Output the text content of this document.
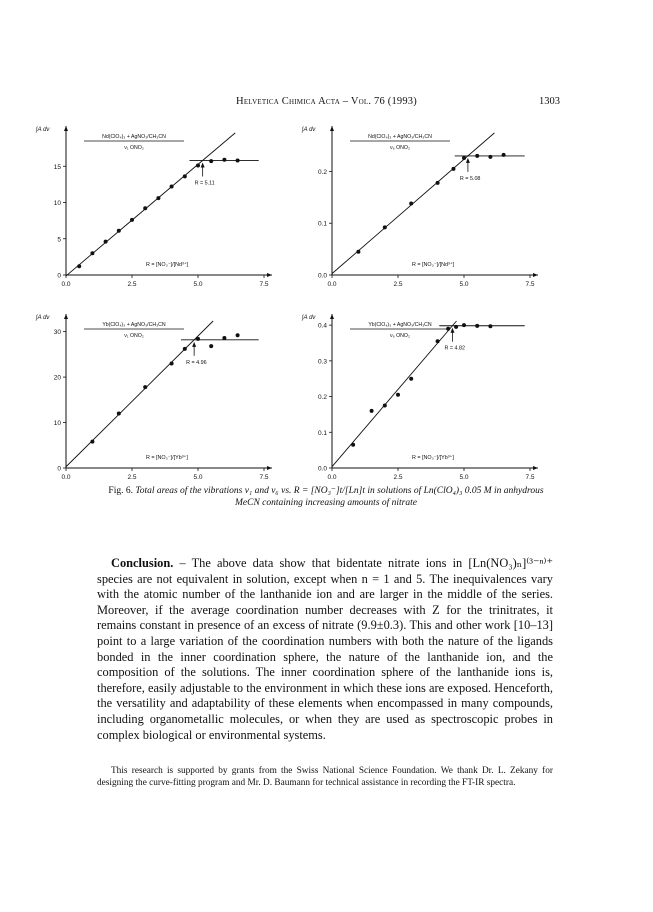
Helvetica Chimica Acta – Vol. 76 (1993)	1303
0.0	2.5	5.0	7.5
0
5
10
15
∫A dν
Nd(ClO₄)₃ + AgNO₃/CH₃CN
ν₁ ONO₂
R = 5.11
R = [NO₃⁻]/[Nd³⁺]
0.0	2.5	5.0	7.5
0.0
0.1
0.2
∫A dν
Nd(ClO₄)₃ + AgNO₃/CH₃CN
ν₆ ONO₂
R = 5.08
R = [NO₃⁻]/[Nd³⁺]
0.0	2.5	5.0	7.5
0
10
20
30
∫A dν
Yb(ClO₄)₃ + AgNO₃/CH₃CN
ν₁ ONO₂
R = 4.96
R = [NO₃⁻]/[Yb³⁺]
0.0	2.5	5.0	7.5
0.0
0.1
0.2
0.3
0.4
∫A dν
Yb(ClO₄)₃ + AgNO₃/CH₃CN
ν₆ ONO₂
R = 4.82
R = [NO₃⁻]/[Yb³⁺]
Fig. 6. Total areas of the vibrations ν₁ and ν₆ vs. R = [NO₃⁻]t/[Ln]t in solutions of Ln(ClO₄)₃ 0.05 M in anhydrous MeCN containing increasing amounts of nitrate

Conclusion. – The above data show that bidentate nitrate ions in [Ln(NO₃)ₙ]⁽³⁻ⁿ⁾⁺ species are not equivalent in solution, except when n = 1 and 5. The inequivalences vary with the atomic number of the lanthanide ion and are larger in the middle of the series. Moreover, if the average coordination number decreases with Z for the trinitrates, it remains constant in presence of an excess of nitrate (9.9±0.3). This and other work [10–13] point to a large variation of the coordination numbers with both the nature of the ligands bonded in the inner coordination sphere, the nature of the lanthanide ion, and the composition of the solutions. The inner coordination sphere of the lanthanide ions is, therefore, easily adjustable to the environment in which these ions are exposed. Henceforth, the versatility and adaptability of these elements when encompassed in many compounds, including organometallic molecules, or when they are used as spectroscopic probes in complex biological or environmental systems.

This research is supported by grants from the Swiss National Science Foundation. We thank Dr. L. Zekany for designing the curve-fitting program and Mr. D. Baumann for technical assistance in recording the FT-IR spectra.
